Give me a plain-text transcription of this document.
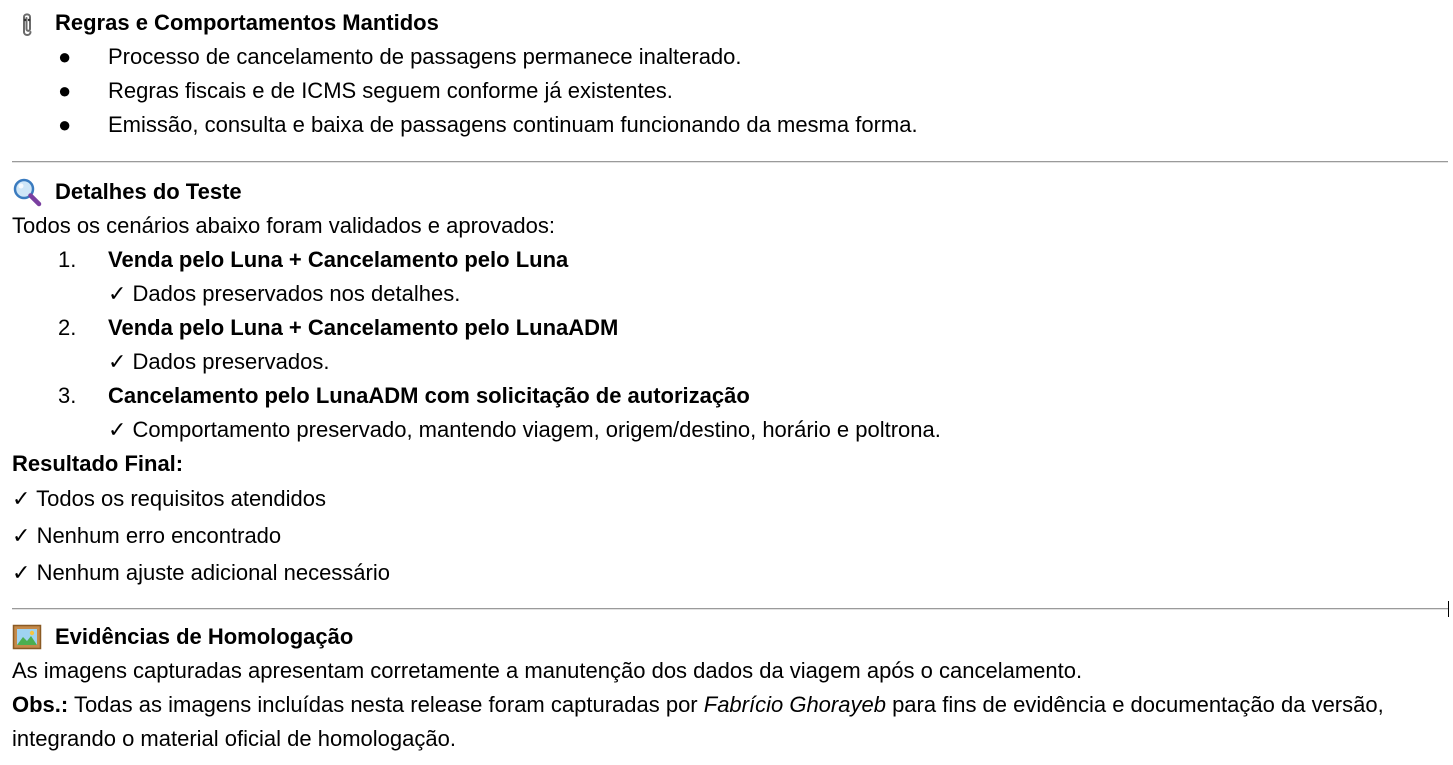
Regras e Comportamentos Mantidos
●	Processo de cancelamento de passagens permanece inalterado.
●	Regras fiscais e de ICMS seguem conforme já existentes.
●	Emissão, consulta e baixa de passagens continuam funcionando da mesma forma.
Detalhes do Teste
Todos os cenários abaixo foram validados e aprovados:
1.	Venda pelo Luna + Cancelamento pelo Luna
✓ Dados preservados nos detalhes.
2.	Venda pelo Luna + Cancelamento pelo LunaADM
✓ Dados preservados.
3.	Cancelamento pelo LunaADM com solicitação de autorização
✓ Comportamento preservado, mantendo viagem, origem/destino, horário e poltrona.
Resultado Final:
✓ Todos os requisitos atendidos
✓ Nenhum erro encontrado
✓ Nenhum ajuste adicional necessário
Evidências de Homologação
As imagens capturadas apresentam corretamente a manutenção dos dados da viagem após o cancelamento.
Obs.: Todas as imagens incluídas nesta release foram capturadas por Fabrício Ghorayeb para fins de evidência e documentação da versão, integrando o material oficial de homologação.
